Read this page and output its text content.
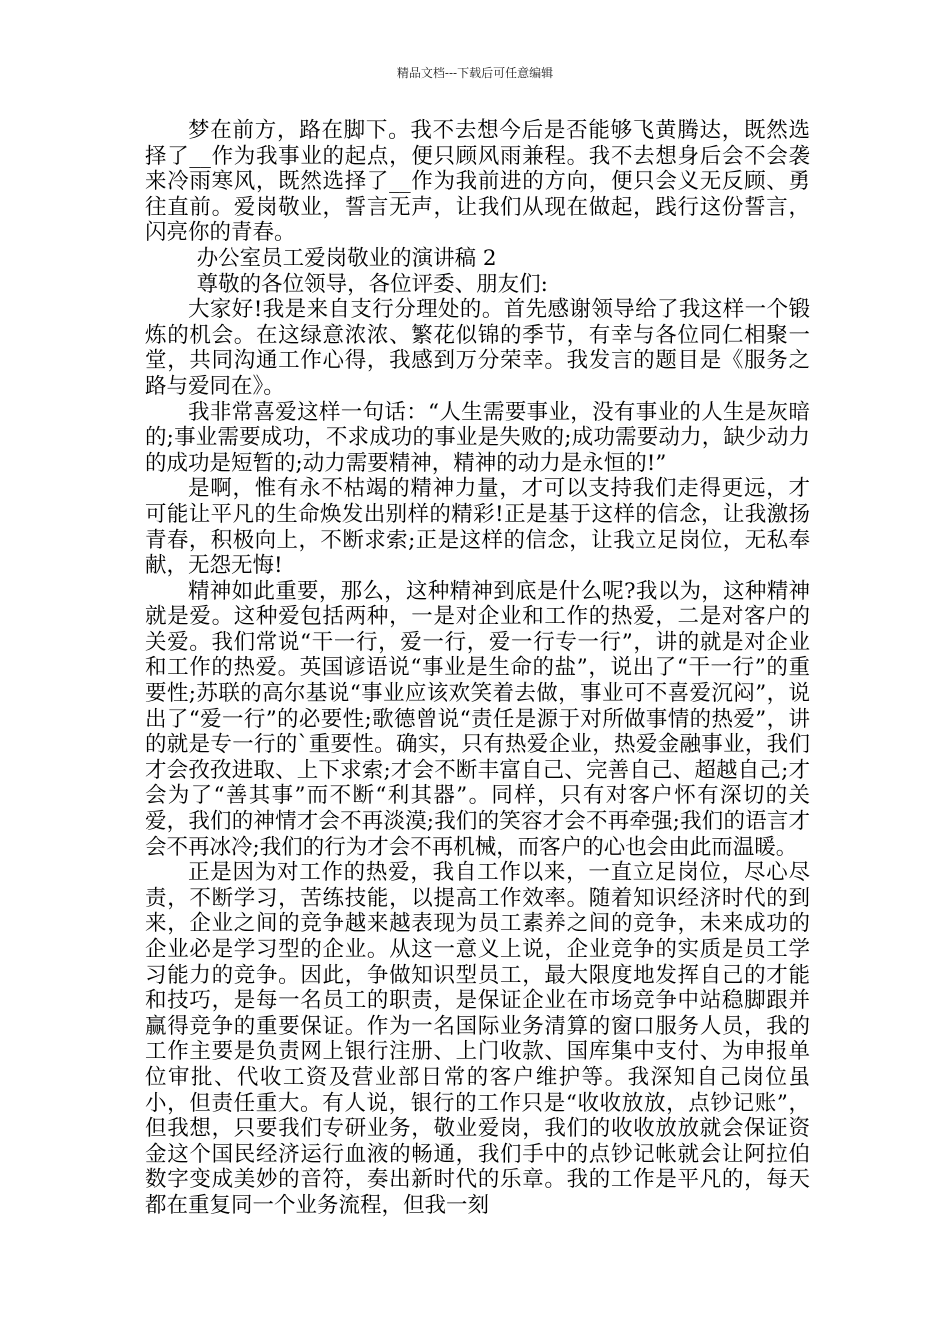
精品文档---下载后可任意编辑

梦在前方，路在脚下。我不去想今后是否能够飞黄腾达，既然选择了__作为我事业的起点，便只顾风雨兼程。我不去想身后会不会袭来冷雨寒风，既然选择了__作为我前进的方向，便只会义无反顾、勇往直前。爱岗敬业，誓言无声，让我们从现在做起，践行这份誓言，闪亮你的青春。

办公室员工爱岗敬业的演讲稿 2

尊敬的各位领导，各位评委、朋友们:

大家好!我是来自支行分理处的。首先感谢领导给了我这样一个锻炼的机会。在这绿意浓浓、繁花似锦的季节，有幸与各位同仁相聚一堂，共同沟通工作心得，我感到万分荣幸。我发言的题目是《服务之路与爱同在》。

我非常喜爱这样一句话：“人生需要事业，没有事业的人生是灰暗的;事业需要成功，不求成功的事业是失败的;成功需要动力，缺少动力的成功是短暂的;动力需要精神，精神的动力是永恒的!”

是啊，惟有永不枯竭的精神力量，才可以支持我们走得更远，才可能让平凡的生命焕发出别样的精彩!正是基于这样的信念，让我激扬青春，积极向上，不断求索;正是这样的信念，让我立足岗位，无私奉献，无怨无悔!

精神如此重要，那么，这种精神到底是什么呢?我以为，这种精神就是爱。这种爱包括两种，一是对企业和工作的热爱，二是对客户的关爱。我们常说“干一行，爱一行，爱一行专一行”，讲的就是对企业和工作的热爱。英国谚语说“事业是生命的盐”，说出了“干一行”的重要性;苏联的高尔基说“事业应该欢笑着去做，事业可不喜爱沉闷”，说出了“爱一行”的必要性;歌德曾说“责任是源于对所做事情的热爱”，讲的就是专一行的`重要性。确实，只有热爱企业，热爱金融事业，我们才会孜孜进取、上下求索;才会不断丰富自己、完善自己、超越自己;才会为了“善其事”而不断“利其器”。同样，只有对客户怀有深切的关爱，我们的神情才会不再淡漠;我们的笑容才会不再牵强;我们的语言才会不再冰冷;我们的行为才会不再机械，而客户的心也会由此而温暖。

正是因为对工作的热爱，我自工作以来，一直立足岗位，尽心尽责，不断学习，苦练技能，以提高工作效率。随着知识经济时代的到来，企业之间的竞争越来越表现为员工素养之间的竞争，未来成功的企业必是学习型的企业。从这一意义上说，企业竞争的实质是员工学习能力的竞争。因此，争做知识型员工，最大限度地发挥自己的才能和技巧，是每一名员工的职责，是保证企业在市场竞争中站稳脚跟并赢得竞争的重要保证。作为一名国际业务清算的窗口服务人员，我的工作主要是负责网上银行注册、上门收款、国库集中支付、为申报单位审批、代收工资及营业部日常的客户维护等。我深知自己岗位虽小，但责任重大。有人说，银行的工作只是“收收放放，点钞记账”，但我想，只要我们专研业务，敬业爱岗，我们的收收放放就会保证资金这个国民经济运行血液的畅通，我们手中的点钞记帐就会让阿拉伯数字变成美妙的音符，奏出新时代的乐章。我的工作是平凡的，每天都在重复同一个业务流程，但我一刻
